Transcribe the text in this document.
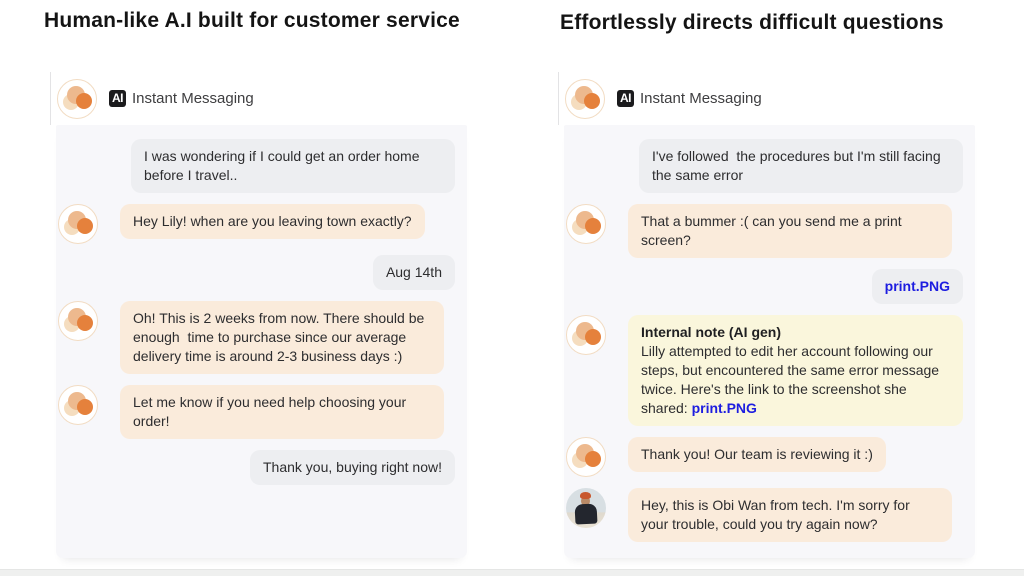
Human-like A.I built for customer service	Effortlessly directs difficult questions
AI Instant Messaging
I was wondering if I could get an order home before I travel..
Hey Lily! when are you leaving town exactly?
Aug 14th
Oh! This is 2 weeks from now. There should be enough  time to purchase since our average delivery time is around 2-3 business days :)
Let me know if you need help choosing your order!
Thank you, buying right now!
AI Instant Messaging
I've followed  the procedures but I'm still facing the same error
That a bummer :( can you send me a print screen?
print.PNG
Internal note (AI gen)
Lilly attempted to edit her account following our steps, but encountered the same error message twice. Here's the link to the screenshot she shared: print.PNG
Thank you! Our team is reviewing it :)
Hey, this is Obi Wan from tech. I'm sorry for your trouble, could you try again now?
